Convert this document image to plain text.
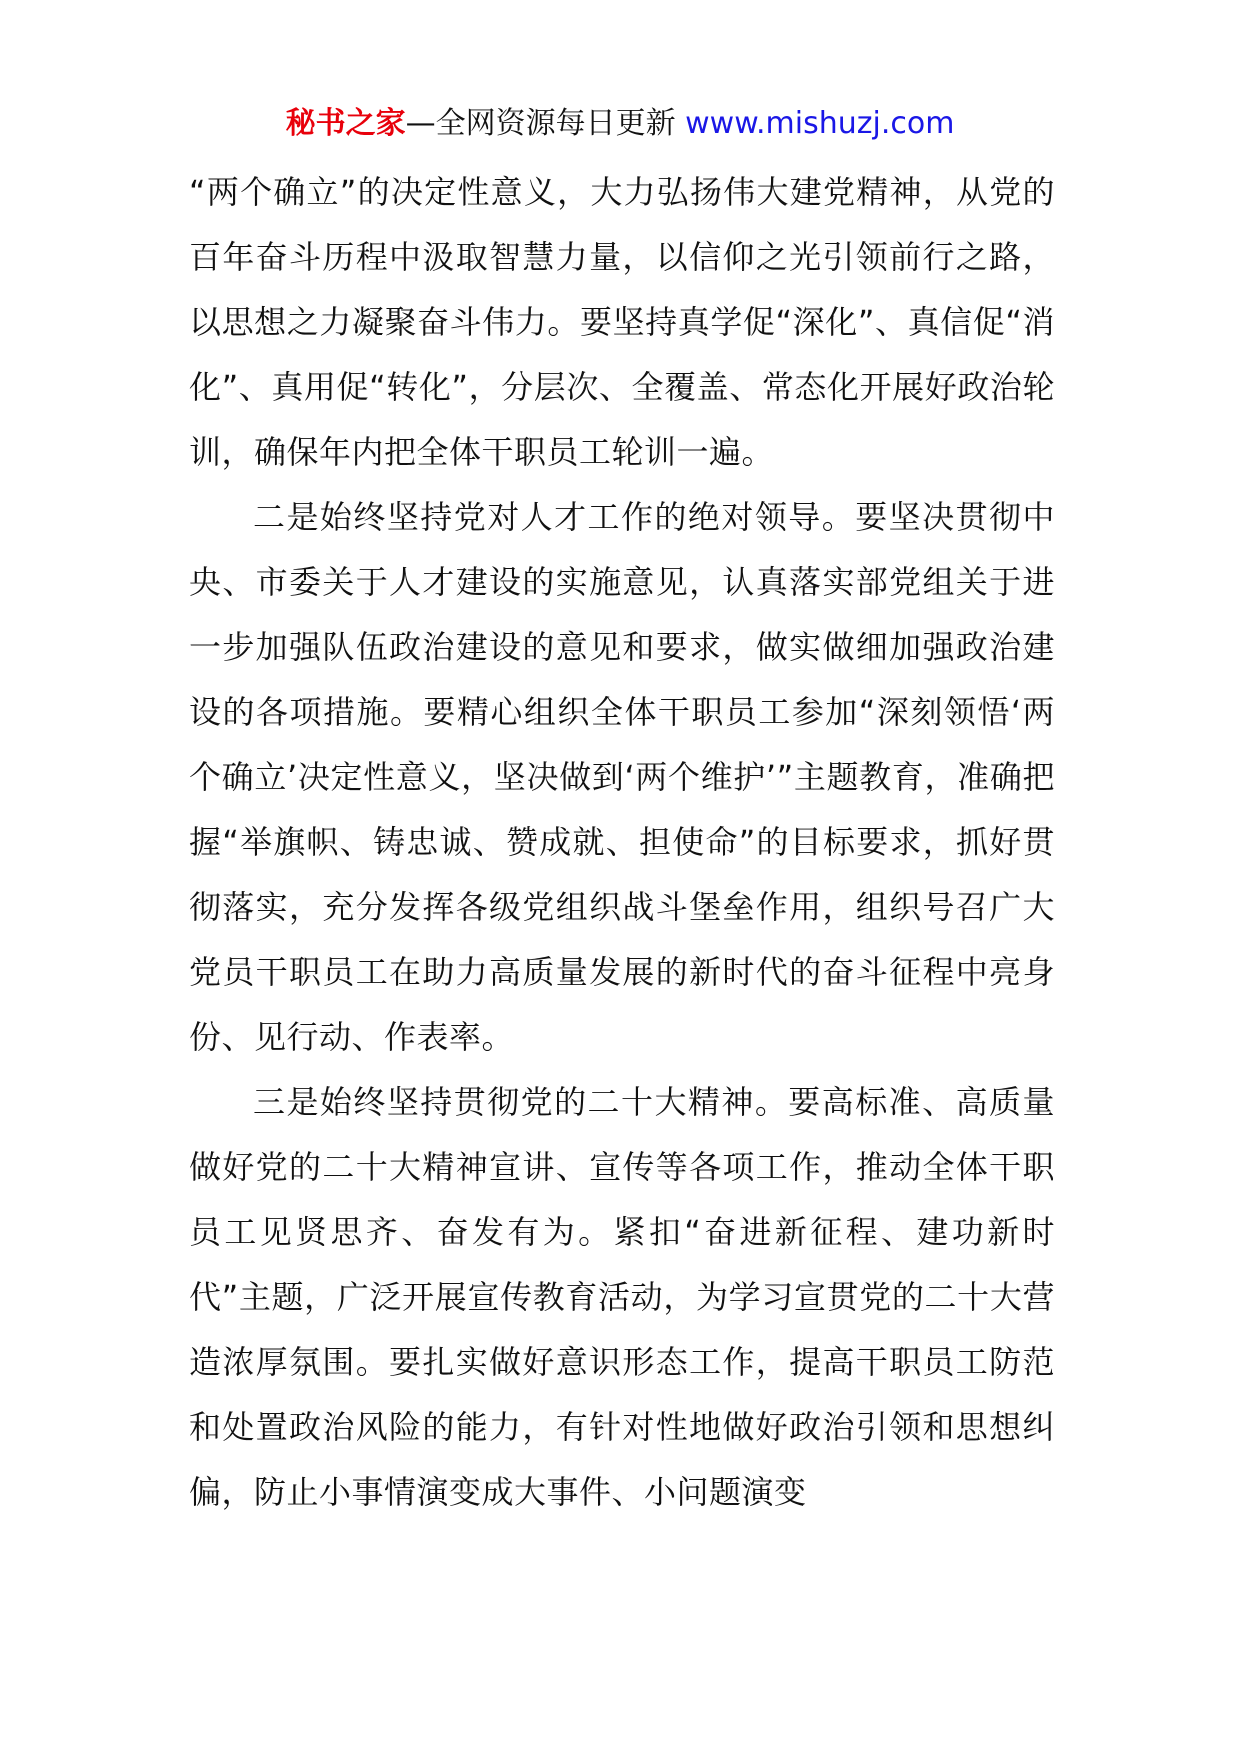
秘书之家—全网资源每日更新 www.mishuzj.com

“两个确立”的决定性意义，大力弘扬伟大建党精神，从党的百年奋斗历程中汲取智慧力量，以信仰之光引领前行之路，以思想之力凝聚奋斗伟力。要坚持真学促“深化”、真信促“消化”、真用促“转化”，分层次、全覆盖、常态化开展好政治轮训，确保年内把全体干职员工轮训一遍。

二是始终坚持党对人才工作的绝对领导。要坚决贯彻中央、市委关于人才建设的实施意见，认真落实部党组关于进一步加强队伍政治建设的意见和要求，做实做细加强政治建设的各项措施。要精心组织全体干职员工参加“深刻领悟‘两个确立’决定性意义，坚决做到‘两个维护’”主题教育，准确把握“举旗帜、铸忠诚、赞成就、担使命”的目标要求，抓好贯彻落实，充分发挥各级党组织战斗堡垒作用，组织号召广大党员干职员工在助力高质量发展的新时代的奋斗征程中亮身份、见行动、作表率。

三是始终坚持贯彻党的二十大精神。要高标准、高质量做好党的二十大精神宣讲、宣传等各项工作，推动全体干职员工见贤思齐、奋发有为。紧扣“奋进新征程、建功新时代”主题，广泛开展宣传教育活动，为学习宣贯党的二十大营造浓厚氛围。要扎实做好意识形态工作，提高干职员工防范和处置政治风险的能力，有针对性地做好政治引领和思想纠偏，防止小事情演变成大事件、小问题演变
